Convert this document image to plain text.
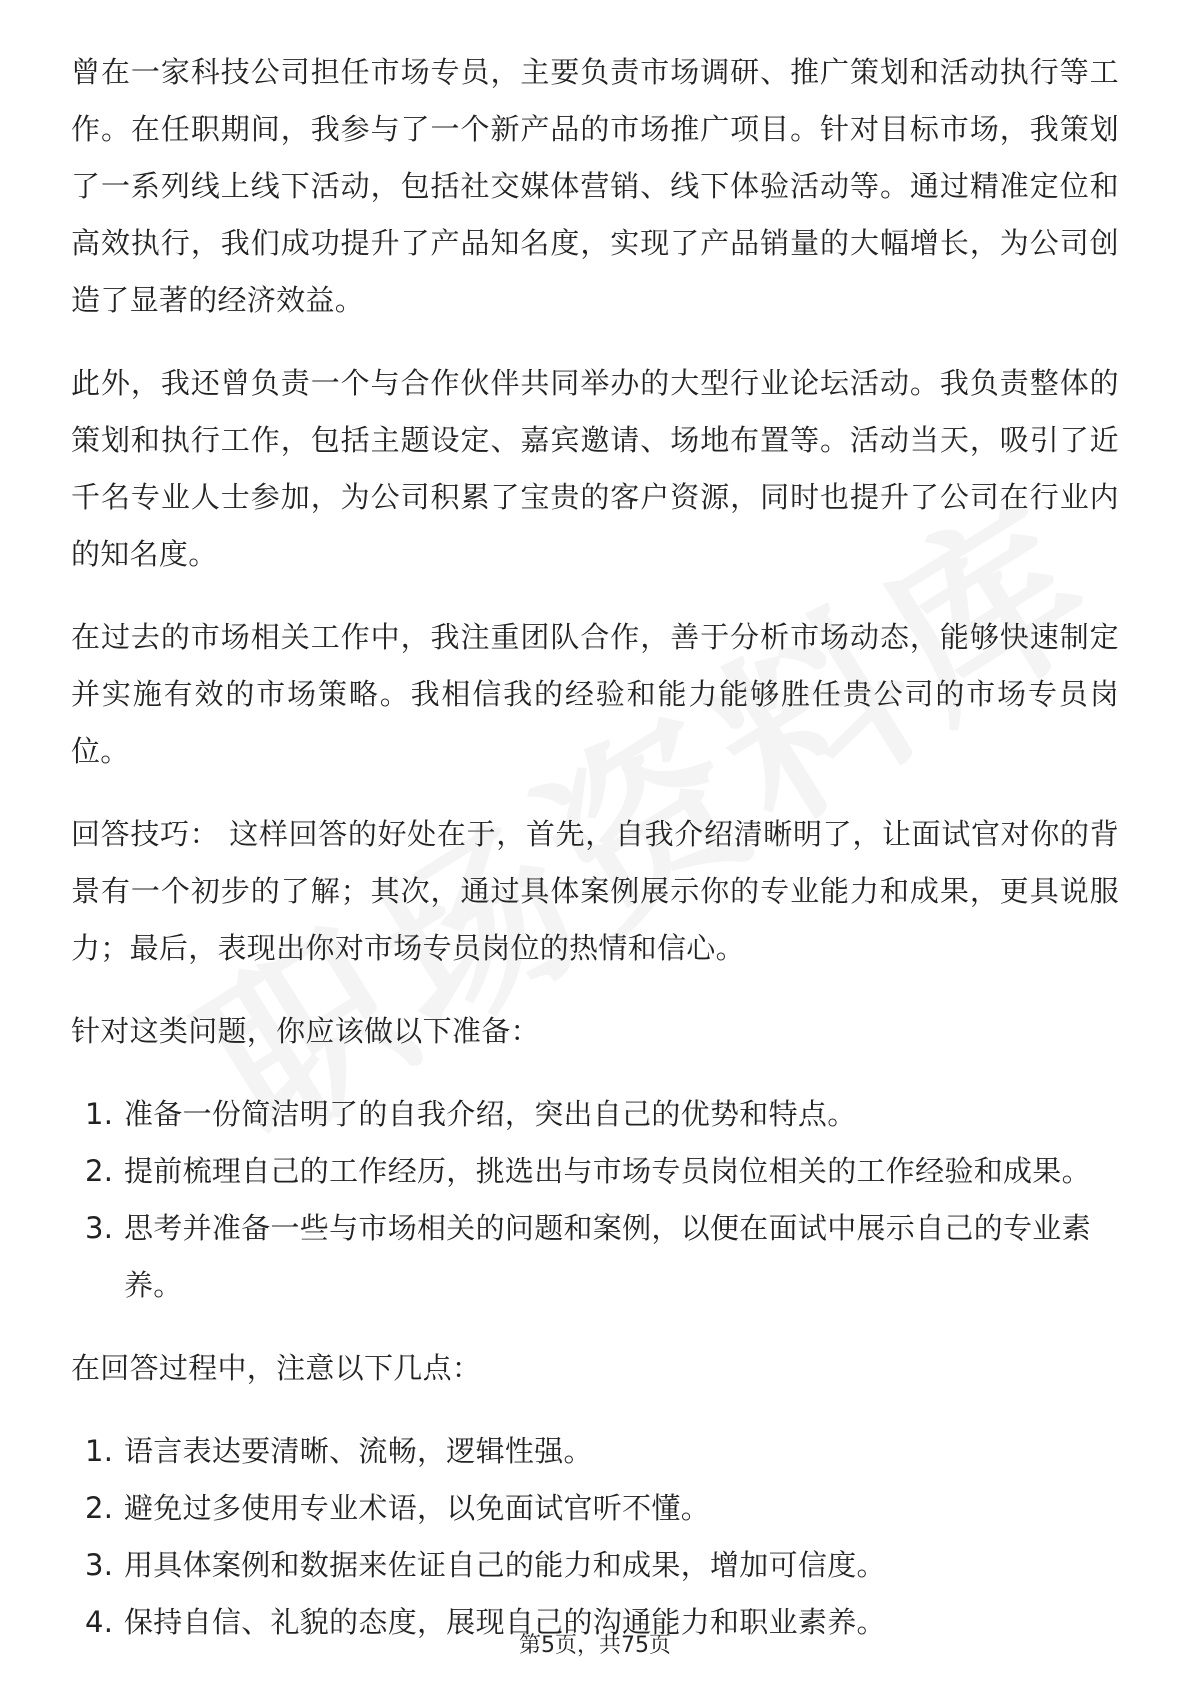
曾在一家科技公司担任市场专员，主要负责市场调研、推广策划和活动执行等工作。在任职期间，我参与了一个新产品的市场推广项目。针对目标市场，我策划了一系列线上线下活动，包括社交媒体营销、线下体验活动等。通过精准定位和高效执行，我们成功提升了产品知名度，实现了产品销量的大幅增长，为公司创造了显著的经济效益。

此外，我还曾负责一个与合作伙伴共同举办的大型行业论坛活动。我负责整体的策划和执行工作，包括主题设定、嘉宾邀请、场地布置等。活动当天，吸引了近千名专业人士参加，为公司积累了宝贵的客户资源，同时也提升了公司在行业内的知名度。

在过去的市场相关工作中，我注重团队合作，善于分析市场动态，能够快速制定并实施有效的市场策略。我相信我的经验和能力能够胜任贵公司的市场专员岗位。

回答技巧： 这样回答的好处在于，首先，自我介绍清晰明了，让面试官对你的背景有一个初步的了解；其次，通过具体案例展示你的专业能力和成果，更具说服力；最后，表现出你对市场专员岗位的热情和信心。

针对这类问题，你应该做以下准备：

1. 准备一份简洁明了的自我介绍，突出自己的优势和特点。
2. 提前梳理自己的工作经历，挑选出与市场专员岗位相关的工作经验和成果。
3. 思考并准备一些与市场相关的问题和案例，以便在面试中展示自己的专业素养。

在回答过程中，注意以下几点：

1. 语言表达要清晰、流畅，逻辑性强。
2. 避免过多使用专业术语，以免面试官听不懂。
3. 用具体案例和数据来佐证自己的能力和成果，增加可信度。
4. 保持自信、礼貌的态度，展现自己的沟通能力和职业素养。
第5页，共75页
